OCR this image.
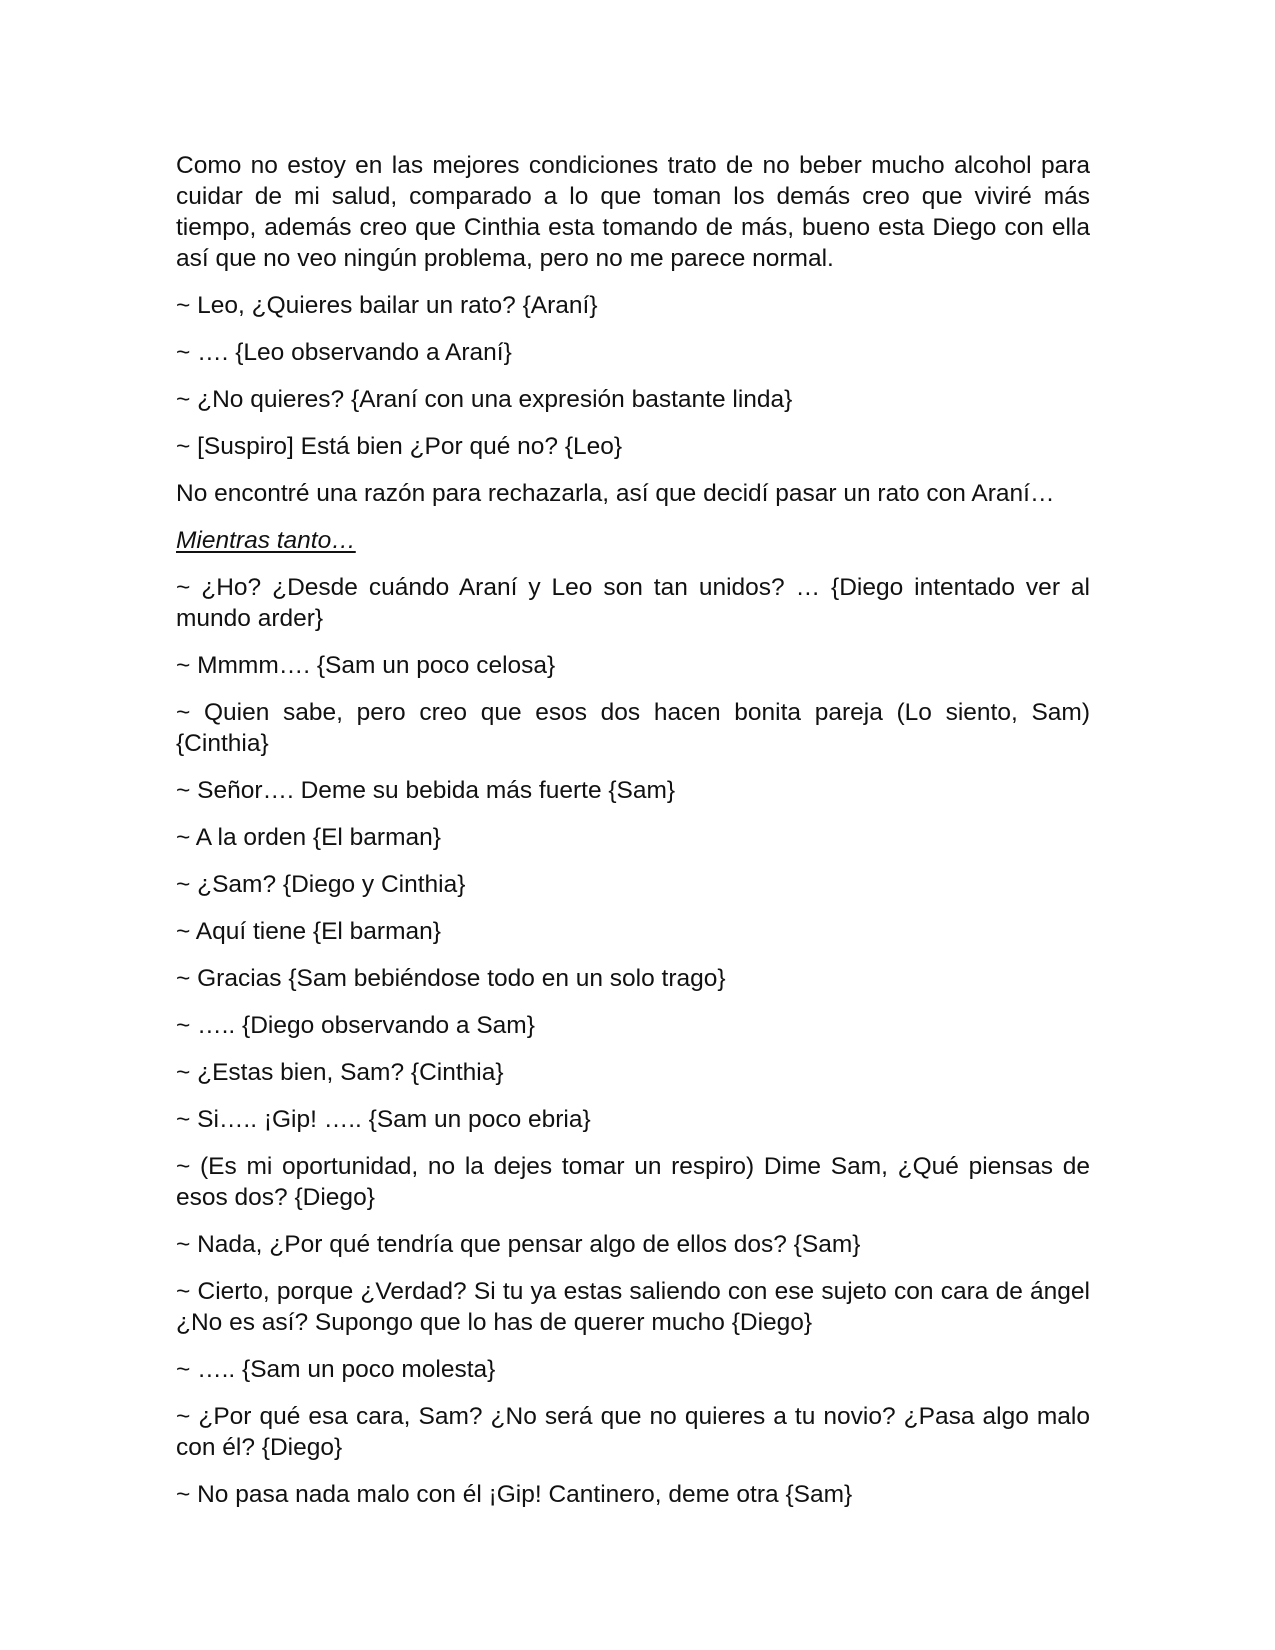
Como no estoy en las mejores condiciones trato de no beber mucho alcohol para cuidar de mi salud, comparado a lo que toman los demás creo que viviré más tiempo, además creo que Cinthia esta tomando de más, bueno esta Diego con ella así que no veo ningún problema, pero no me parece normal.

~ Leo, ¿Quieres bailar un rato? {Araní}

~ …. {Leo observando a Araní}

~ ¿No quieres? {Araní con una expresión bastante linda}

~ [Suspiro] Está bien ¿Por qué no? {Leo}

No encontré una razón para rechazarla, así que decidí pasar un rato con Araní…

Mientras tanto…

~ ¿Ho? ¿Desde cuándo Araní y Leo son tan unidos? … {Diego intentado ver al mundo arder}

~ Mmmm…. {Sam un poco celosa}

~ Quien sabe, pero creo que esos dos hacen bonita pareja (Lo siento, Sam) {Cinthia}

~ Señor…. Deme su bebida más fuerte {Sam}

~ A la orden {El barman}

~ ¿Sam? {Diego y Cinthia}

~ Aquí tiene {El barman}

~ Gracias {Sam bebiéndose todo en un solo trago}

~ ….. {Diego observando a Sam}

~ ¿Estas bien, Sam? {Cinthia}

~ Si….. ¡Gip! ….. {Sam un poco ebria}

~ (Es mi oportunidad, no la dejes tomar un respiro) Dime Sam, ¿Qué piensas de esos dos? {Diego}

~ Nada, ¿Por qué tendría que pensar algo de ellos dos? {Sam}

~ Cierto, porque ¿Verdad? Si tu ya estas saliendo con ese sujeto con cara de ángel ¿No es así? Supongo que lo has de querer mucho {Diego}

~ ….. {Sam un poco molesta}

~ ¿Por qué esa cara, Sam? ¿No será que no quieres a tu novio? ¿Pasa algo malo con él? {Diego}

~ No pasa nada malo con él ¡Gip! Cantinero, deme otra {Sam}
